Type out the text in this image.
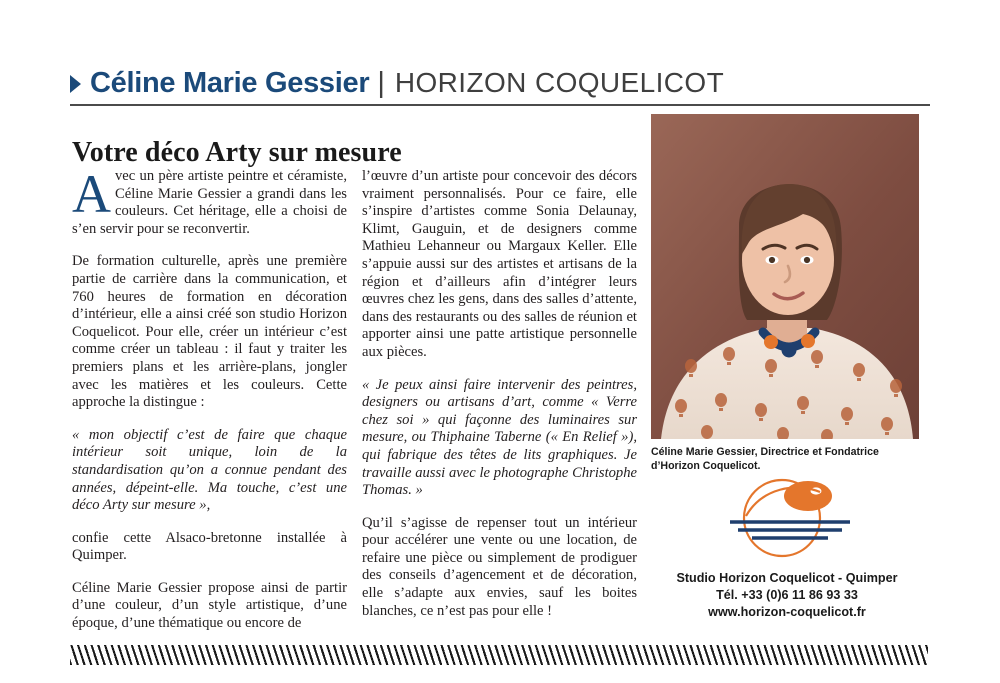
Céline Marie Gessier | HORIZON COQUELICOT
Votre déco Arty sur mesure

Avec un père artiste peintre et céramiste, Céline Marie Gessier a grandi dans les couleurs. Cet héritage, elle a choisi de s’en servir pour se reconvertir.

De formation culturelle, après une première partie de carrière dans la communication, et 760 heures de formation en décoration d’intérieur, elle a ainsi créé son studio Horizon Coquelicot. Pour elle, créer un intérieur c’est comme créer un tableau : il faut y traiter les premiers plans et les arrière-plans, jongler avec les matières et les couleurs. Cette approche la distingue :

« mon objectif c’est de faire que chaque intérieur soit unique, loin de la standardisation qu’on a connue pendant des années, dépeint-elle. Ma touche, c’est une déco Arty sur mesure »,

confie cette Alsaco-bretonne installée à Quimper.

Céline Marie Gessier propose ainsi de partir d’une couleur, d’un style artistique, d’une époque, d’une thématique ou encore de

l’œuvre d’un artiste pour concevoir des décors vraiment personnalisés. Pour ce faire, elle s’inspire d’artistes comme Sonia Delaunay, Klimt, Gauguin, et de designers comme Mathieu Lehanneur ou Margaux Keller. Elle s’appuie aussi sur des artistes et artisans de la région et d’ailleurs afin d’intégrer leurs œuvres chez les gens, dans des salles d’attente, dans des restaurants ou des salles de réunion et apporter ainsi une patte artistique personnelle aux pièces.

« Je peux ainsi faire intervenir des peintres, designers ou artisans d’art, comme « Verre chez soi » qui façonne des luminaires sur mesure, ou Thiphaine Taberne (« En Relief »), qui fabrique des têtes de lits graphiques. Je travaille aussi avec le photographe Christophe Thomas. »

Qu’il s’agisse de repenser tout un intérieur pour accélérer une vente ou une location, de refaire une pièce ou simplement de prodiguer des conseils d’agencement et de décoration, elle s’adapte aux envies, sauf les boites blanches, ce n’est pas pour elle !

Céline Marie Gessier, Directrice et Fondatrice d’Horizon Coquelicot.
Studio Horizon Coquelicot - Quimper
Tél. +33 (0)6 11 86 93 33
www.horizon-coquelicot.fr
